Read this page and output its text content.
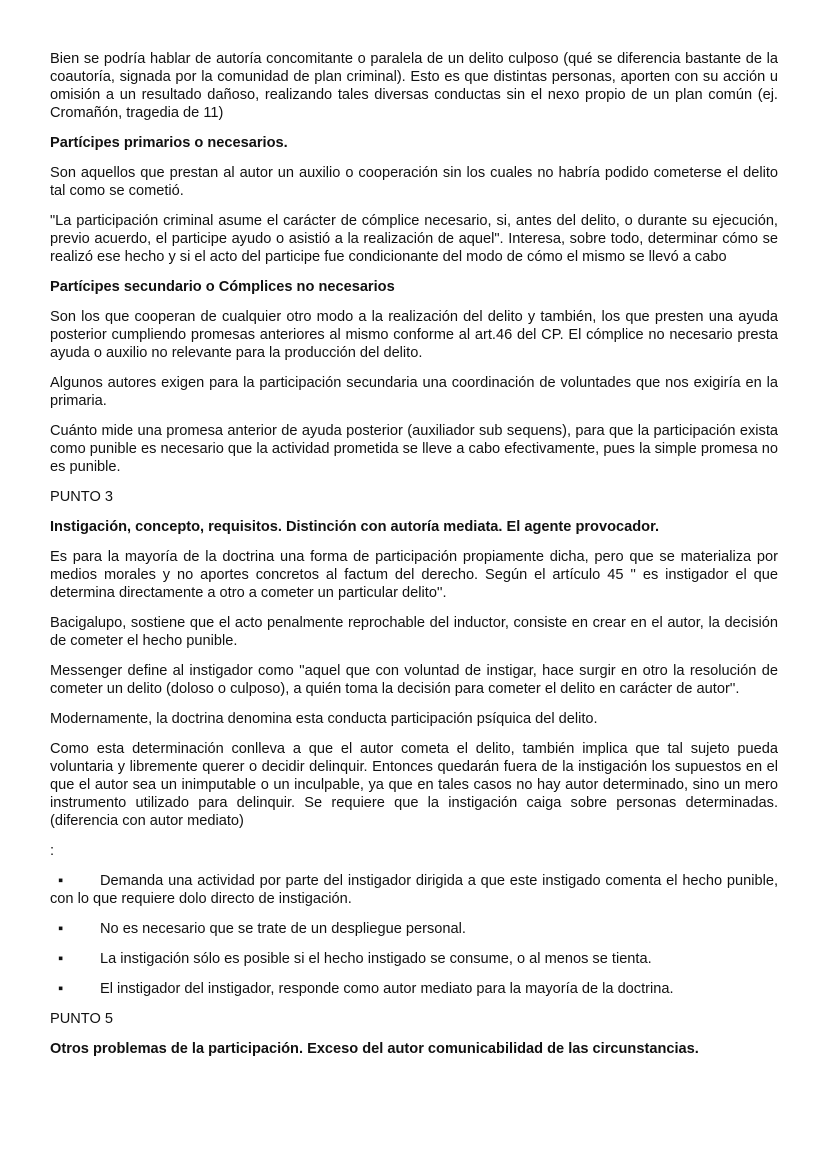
Bien se podría hablar de autoría concomitante o paralela de un delito culposo (qué se diferencia bastante de la coautoría, signada por la comunidad de plan criminal). Esto es que distintas personas, aporten con su acción u omisión a un resultado dañoso, realizando tales diversas conductas sin el nexo propio de un plan común (ej. Cromañón, tragedia de 11)

Partícipes primarios o necesarios.

Son aquellos que prestan al autor un auxilio o cooperación sin los cuales no habría podido cometerse el delito tal como se cometió.

"La participación criminal asume el carácter de cómplice necesario, si, antes del delito, o durante su ejecución, previo acuerdo, el participe ayudo o asistió a la realización de aquel". Interesa, sobre todo, determinar cómo se realizó ese hecho y si el acto del participe fue condicionante del modo de cómo el mismo se llevó a cabo

Partícipes secundario o Cómplices no necesarios

Son los que cooperan de cualquier otro modo a la realización del delito y también, los que presten una ayuda posterior cumpliendo promesas anteriores al mismo conforme al art.46 del CP. El cómplice no necesario presta ayuda o auxilio no relevante para la producción del delito.

Algunos autores exigen para la participación secundaria una coordinación de voluntades que nos exigiría en la primaria.

Cuánto mide una promesa anterior de ayuda posterior (auxiliador sub sequens), para que la participación exista como punible es necesario que la actividad prometida se lleve a cabo efectivamente, pues la simple promesa no es punible.

PUNTO 3

Instigación, concepto, requisitos. Distinción con autoría mediata. El agente provocador.

Es para la mayoría de la doctrina una forma de participación propiamente dicha, pero que se materializa por medios morales y no aportes concretos al factum del derecho. Según el artículo 45 '' es instigador el que determina directamente a otro a cometer un particular delito''.

Bacigalupo, sostiene que el acto penalmente reprochable del inductor, consiste en crear en el autor, la decisión de cometer el hecho punible.

Messenger define al instigador como ''aquel que con voluntad de instigar, hace surgir en otro la resolución de cometer un delito (doloso o culposo), a quién toma la decisión para cometer el delito en carácter de autor''.

Modernamente, la doctrina denomina esta conducta participación psíquica del delito.

Como esta determinación conlleva a que el autor cometa el delito, también implica que tal sujeto pueda voluntaria y libremente querer o decidir delinquir. Entonces quedarán fuera de la instigación los supuestos en el que el autor sea un inimputable o un inculpable, ya que en tales casos no hay autor determinado, sino un mero instrumento utilizado para delinquir. Se requiere que la instigación caiga sobre personas determinadas. (diferencia con autor mediato)

:

▪	Demanda una actividad por parte del instigador dirigida a que este instigado comenta el hecho punible, con lo que requiere dolo directo de instigación.
▪	No es necesario que se trate de un despliegue personal.
▪	La instigación sólo es posible si el hecho instigado se consume, o al menos se tienta.
▪	El instigador del instigador, responde como autor mediato para la mayoría de la doctrina.

PUNTO 5

Otros problemas de la participación. Exceso del autor comunicabilidad de las circunstancias.
